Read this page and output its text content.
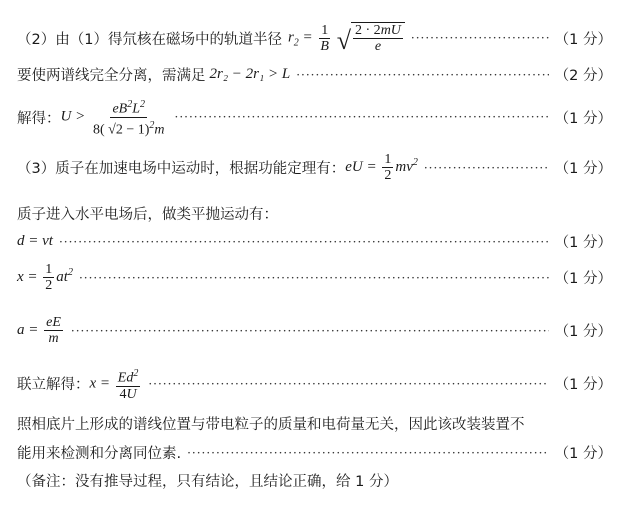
（2）由（1）得氘核在磁场中的轨道半径 $r_2 = \frac{1}{B}$
√ $\frac{2 \cdot 2mU}{e}$ ·····	（1 分）
要使两谱线完全分离，需满足 2r₂ − 2r₁ > L ·····	（2 分）
解得： $U > \frac{eB^2L^2}{8( √2 - 1)^2m}$ ·····	（1 分）
（3）质子在加速电场中运动时，根据功能定理有： eU = $\frac{1}{2} mv^2$ ·····	（1 分）
质子进入水平电场后，做类平抛运动有：
d = vt ·····	（1 分）
$x = \frac{1}{2} at^2$ ·····	（1 分）
$a = \frac{eE}{m}$ ·····	（1 分）
联立解得： $x = \frac{Ed^2}{4U}$ ·····	（1 分）
照相底片上形成的谱线位置与带电粒子的质量和电荷量无关，因此该改装装置不
能用来检测和分离同位素. ·····	（1 分）
（备注：没有推导过程，只有结论，且结论正确，给 1 分）
